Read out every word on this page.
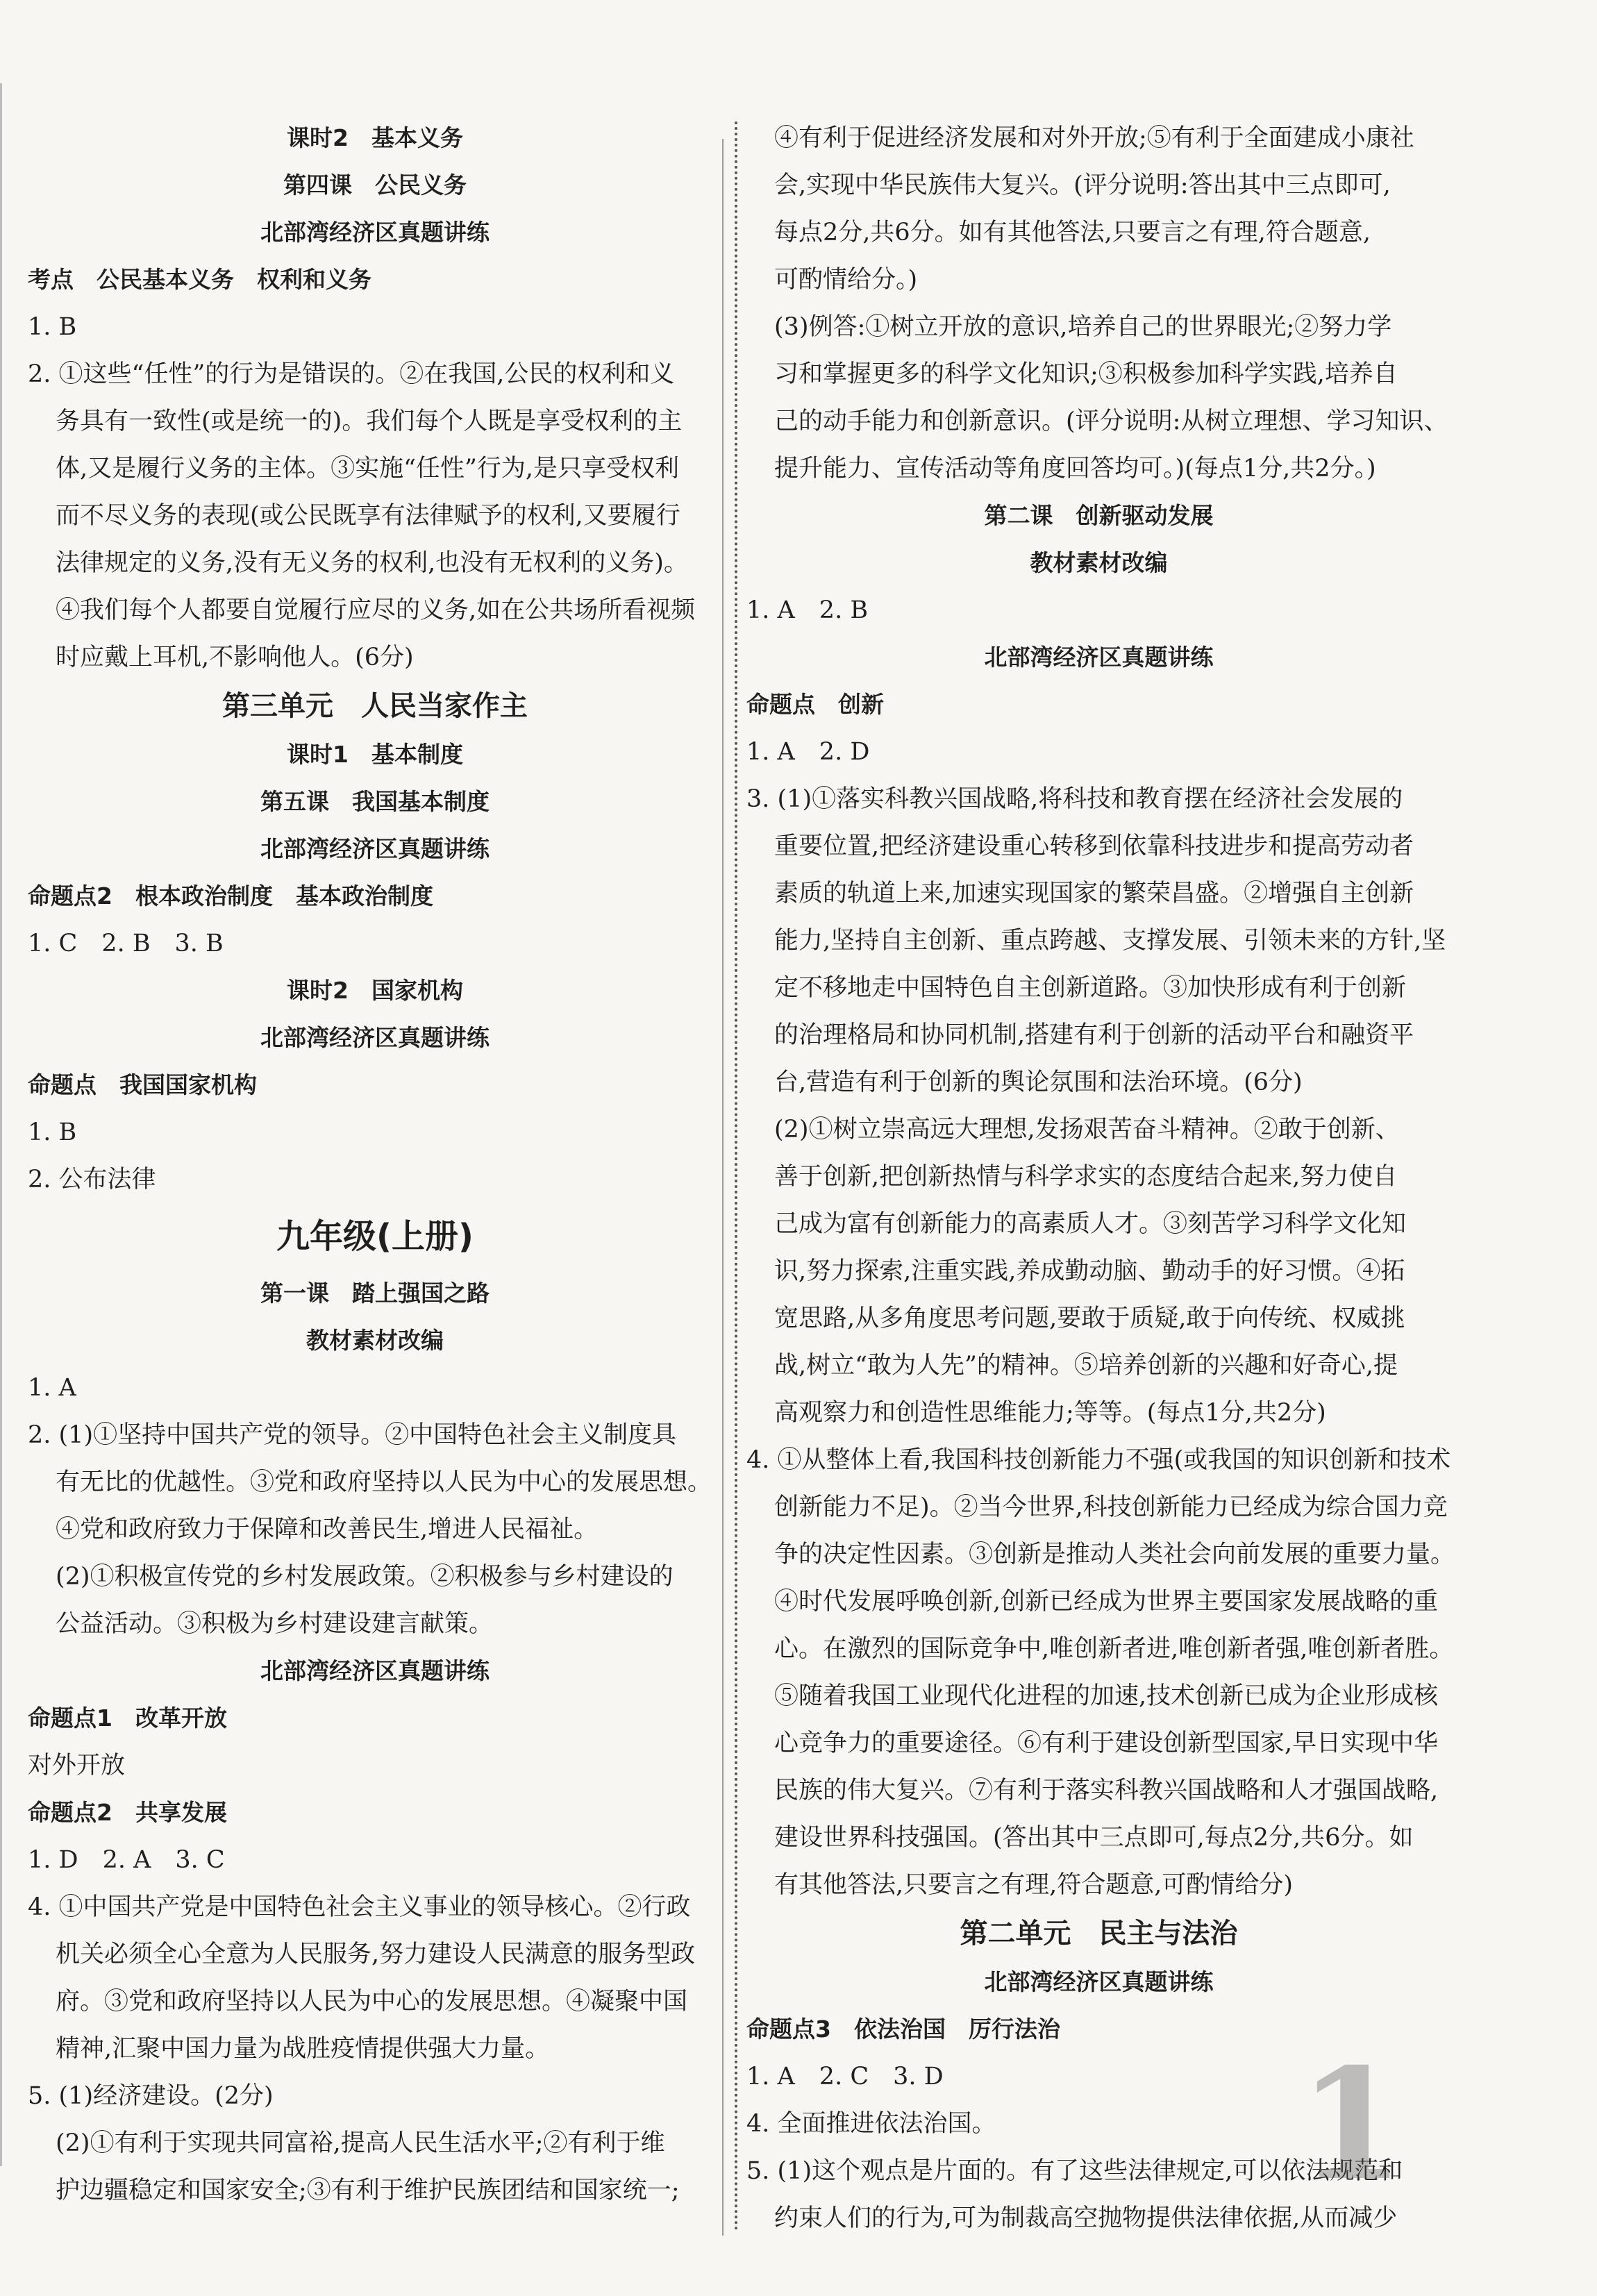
课时2　基本义务
第四课　公民义务
北部湾经济区真题讲练
考点　公民基本义务　权利和义务
1. B
2. ①这些“任性”的行为是错误的。②在我国,公民的权利和义
务具有一致性(或是统一的)。我们每个人既是享受权利的主
体,又是履行义务的主体。③实施“任性”行为,是只享受权利
而不尽义务的表现(或公民既享有法律赋予的权利,又要履行
法律规定的义务,没有无义务的权利,也没有无权利的义务)。
④我们每个人都要自觉履行应尽的义务,如在公共场所看视频
时应戴上耳机,不影响他人。(6分)
第三单元　人民当家作主
课时1　基本制度
第五课　我国基本制度
北部湾经济区真题讲练
命题点2　根本政治制度　基本政治制度
1. C　2. B　3. B
课时2　国家机构
北部湾经济区真题讲练
命题点　我国国家机构
1. B
2. 公布法律
九年级(上册)
第一课　踏上强国之路
教材素材改编
1. A
2. (1)①坚持中国共产党的领导。②中国特色社会主义制度具
有无比的优越性。③党和政府坚持以人民为中心的发展思想。
④党和政府致力于保障和改善民生,增进人民福祉。
(2)①积极宣传党的乡村发展政策。②积极参与乡村建设的
公益活动。③积极为乡村建设建言献策。
北部湾经济区真题讲练
命题点1　改革开放
对外开放
命题点2　共享发展
1. D　2. A　3. C
4. ①中国共产党是中国特色社会主义事业的领导核心。②行政
机关必须全心全意为人民服务,努力建设人民满意的服务型政
府。③党和政府坚持以人民为中心的发展思想。④凝聚中国
精神,汇聚中国力量为战胜疫情提供强大力量。
5. (1)经济建设。(2分)
(2)①有利于实现共同富裕,提高人民生活水平;②有利于维
护边疆稳定和国家安全;③有利于维护民族团结和国家统一;
④有利于促进经济发展和对外开放;⑤有利于全面建成小康社
会,实现中华民族伟大复兴。(评分说明:答出其中三点即可,
每点2分,共6分。如有其他答法,只要言之有理,符合题意,
可酌情给分。)
(3)例答:①树立开放的意识,培养自己的世界眼光;②努力学
习和掌握更多的科学文化知识;③积极参加科学实践,培养自
己的动手能力和创新意识。(评分说明:从树立理想、学习知识、
提升能力、宣传活动等角度回答均可。)(每点1分,共2分。)
第二课　创新驱动发展
教材素材改编
1. A　2. B
北部湾经济区真题讲练
命题点　创新
1. A　2. D
3. (1)①落实科教兴国战略,将科技和教育摆在经济社会发展的
重要位置,把经济建设重心转移到依靠科技进步和提高劳动者
素质的轨道上来,加速实现国家的繁荣昌盛。②增强自主创新
能力,坚持自主创新、重点跨越、支撑发展、引领未来的方针,坚
定不移地走中国特色自主创新道路。③加快形成有利于创新
的治理格局和协同机制,搭建有利于创新的活动平台和融资平
台,营造有利于创新的舆论氛围和法治环境。(6分)
(2)①树立崇高远大理想,发扬艰苦奋斗精神。②敢于创新、
善于创新,把创新热情与科学求实的态度结合起来,努力使自
己成为富有创新能力的高素质人才。③刻苦学习科学文化知
识,努力探索,注重实践,养成勤动脑、勤动手的好习惯。④拓
宽思路,从多角度思考问题,要敢于质疑,敢于向传统、权威挑
战,树立“敢为人先”的精神。⑤培养创新的兴趣和好奇心,提
高观察力和创造性思维能力;等等。(每点1分,共2分)
4. ①从整体上看,我国科技创新能力不强(或我国的知识创新和技术
创新能力不足)。②当今世界,科技创新能力已经成为综合国力竞
争的决定性因素。③创新是推动人类社会向前发展的重要力量。
④时代发展呼唤创新,创新已经成为世界主要国家发展战略的重
心。在激烈的国际竞争中,唯创新者进,唯创新者强,唯创新者胜。
⑤随着我国工业现代化进程的加速,技术创新已成为企业形成核
心竞争力的重要途径。⑥有利于建设创新型国家,早日实现中华
民族的伟大复兴。⑦有利于落实科教兴国战略和人才强国战略,
建设世界科技强国。(答出其中三点即可,每点2分,共6分。如
有其他答法,只要言之有理,符合题意,可酌情给分)
第二单元　民主与法治
北部湾经济区真题讲练
命题点3　依法治国　厉行法治
1. A　2. C　3. D
4. 全面推进依法治国。
5. (1)这个观点是片面的。有了这些法律规定,可以依法规范和
约束人们的行为,可为制裁高空抛物提供法律依据,从而减少
1
